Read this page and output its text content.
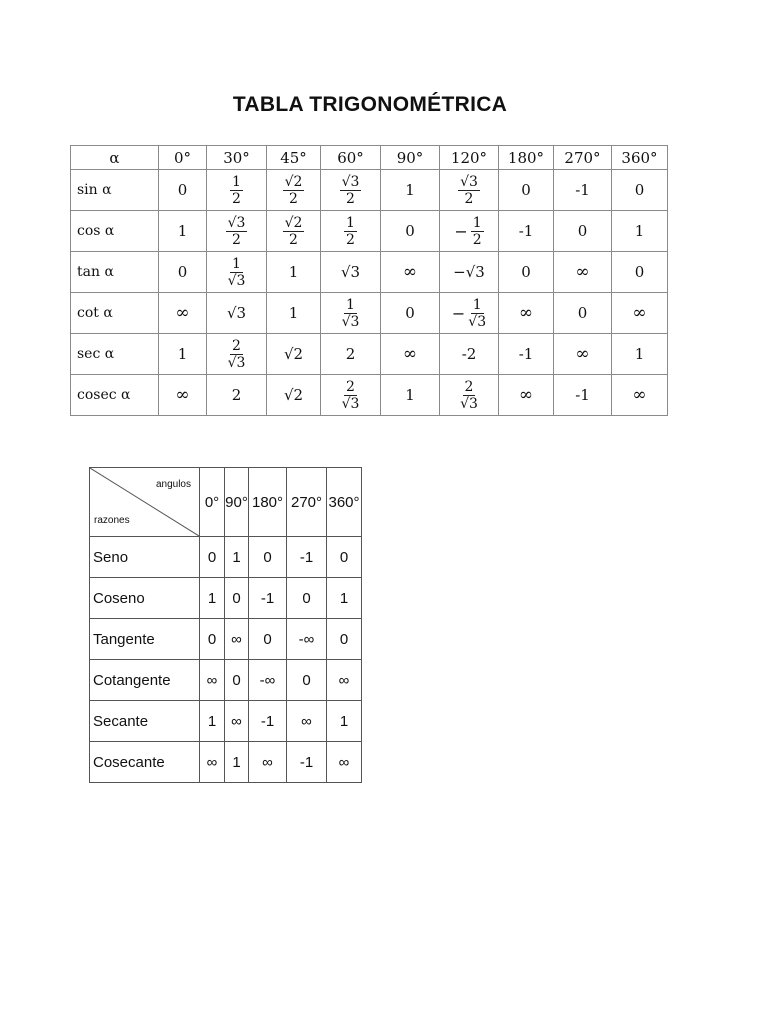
TABLA TRIGONOMÉTRICA
α	0°	30°	45°	60°	90°	120°	180°	270°	360°
sin α	0	$\frac{1}{2}$	$\frac{√2}{2}$	$\frac{√3}{2}$	1	$\frac{√3}{2}$	0	-1	0
cos α	1	$\frac{√3}{2}$	$\frac{√2}{2}$	$\frac{1}{2}$	0	− $\frac{1}{2}$	-1	0	1
tan α	0	$\frac{1}{√3}$	1	√3	∞	−√3	0	∞	0
cot α	∞	√3	1	$\frac{1}{√3}$	0	− $\frac{1}{√3}$	∞	0	∞
sec α	1	$\frac{2}{√3}$	√2	2	∞	-2	-1	∞	1
cosec α	∞	2	√2	$\frac{2}{√3}$	1	$\frac{2}{√3}$	∞	-1	∞
angulos
razones	0°	90°	180°	270°	360°
Seno	0	1	0	-1	0
Coseno	1	0	-1	0	1
Tangente	0	∞	0	-∞	0
Cotangente	∞	0	-∞	0	∞
Secante	1	∞	-1	∞	1
Cosecante	∞	1	∞	-1	∞
